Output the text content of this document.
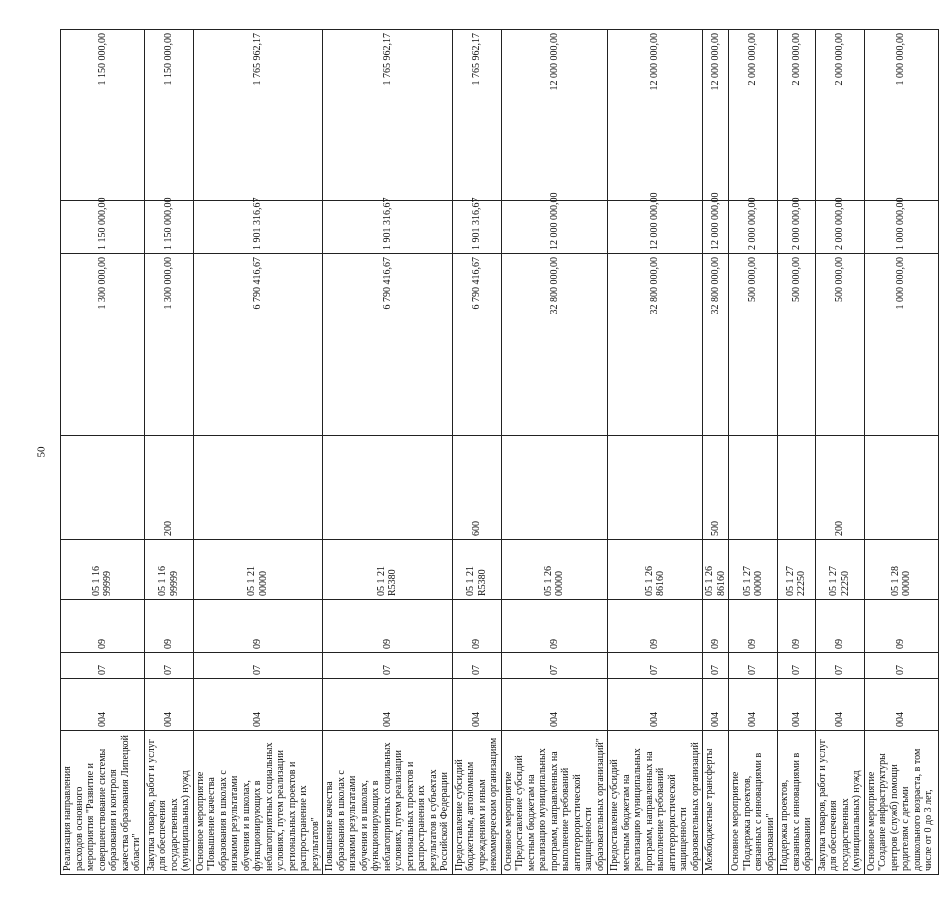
50
Реализация направления расходов основного мероприятия "Развитие и совершенствование системы образования и контроля качества образования Липецкой области"	004	07	09	05 1 16 99999		1 300 000,00	1 150 000,00	1 150 000,00
Закупка товаров, работ и услуг для обеспечения государственных (муниципальных) нужд	004	07	09	05 1 16 99999	200	1 300 000,00	1 150 000,00	1 150 000,00
Основное мероприятие "Повышение качества образования в школах с низкими результатами обучения и в школах, функционирующих в неблагоприятных социальных условиях, путем реализации региональных проектов и распространение их результатов"	004	07	09	05 1 21 00000		6 790 416,67	1 901 316,67	1 765 962,17
Повышение качества образования в школах с низкими результатами обучения и в школах, функционирующих в неблагоприятных социальных условиях, путем реализации региональных проектов и распространения их результатов в субъектах Российской Федерации	004	07	09	05 1 21 R5380		6 790 416,67	1 901 316,67	1 765 962,17
Предоставление субсидий бюджетным, автономным учреждениям и иным некоммерческим организациям	004	07	09	05 1 21 R5380	600	6 790 416,67	1 901 316,67	1 765 962,17
Основное мероприятие "Предоставление субсидий местным бюджетам на реализацию муниципальных программ, направленных на выполнение требований антитеррористической защищенности образовательных организаций"	004	07	09	05 1 26 00000		32 800 000,00	12 000 000,00	12 000 000,00
Предоставление субсидий местным бюджетам на реализацию муниципальных программ, направленных на выполнение требований антитеррористической защищенности образовательных организаций	004	07	09	05 1 26 86160		32 800 000,00	12 000 000,00	12 000 000,00
Межбюджетные трансферты	004	07	09	05 1 26 86160	500	32 800 000,00	12 000 000,00	12 000 000,00
Основное мероприятие "Поддержка проектов, связанных с инновациями в образовании"	004	07	09	05 1 27 00000		500 000,00	2 000 000,00	2 000 000,00
Поддержка проектов, связанных с инновациями в образовании	004	07	09	05 1 27 22250		500 000,00	2 000 000,00	2 000 000,00
Закупка товаров, работ и услуг для обеспечения государственных (муниципальных) нужд	004	07	09	05 1 27 22250	200	500 000,00	2 000 000,00	2 000 000,00
Основное мероприятие "Создание инфраструктуры центров (служб) помощи родителям с детьми дошкольного возраста, в том числе от 0 до 3 лет,	004	07	09	05 1 28 00000		1 000 000,00	1 000 000,00	1 000 000,00
